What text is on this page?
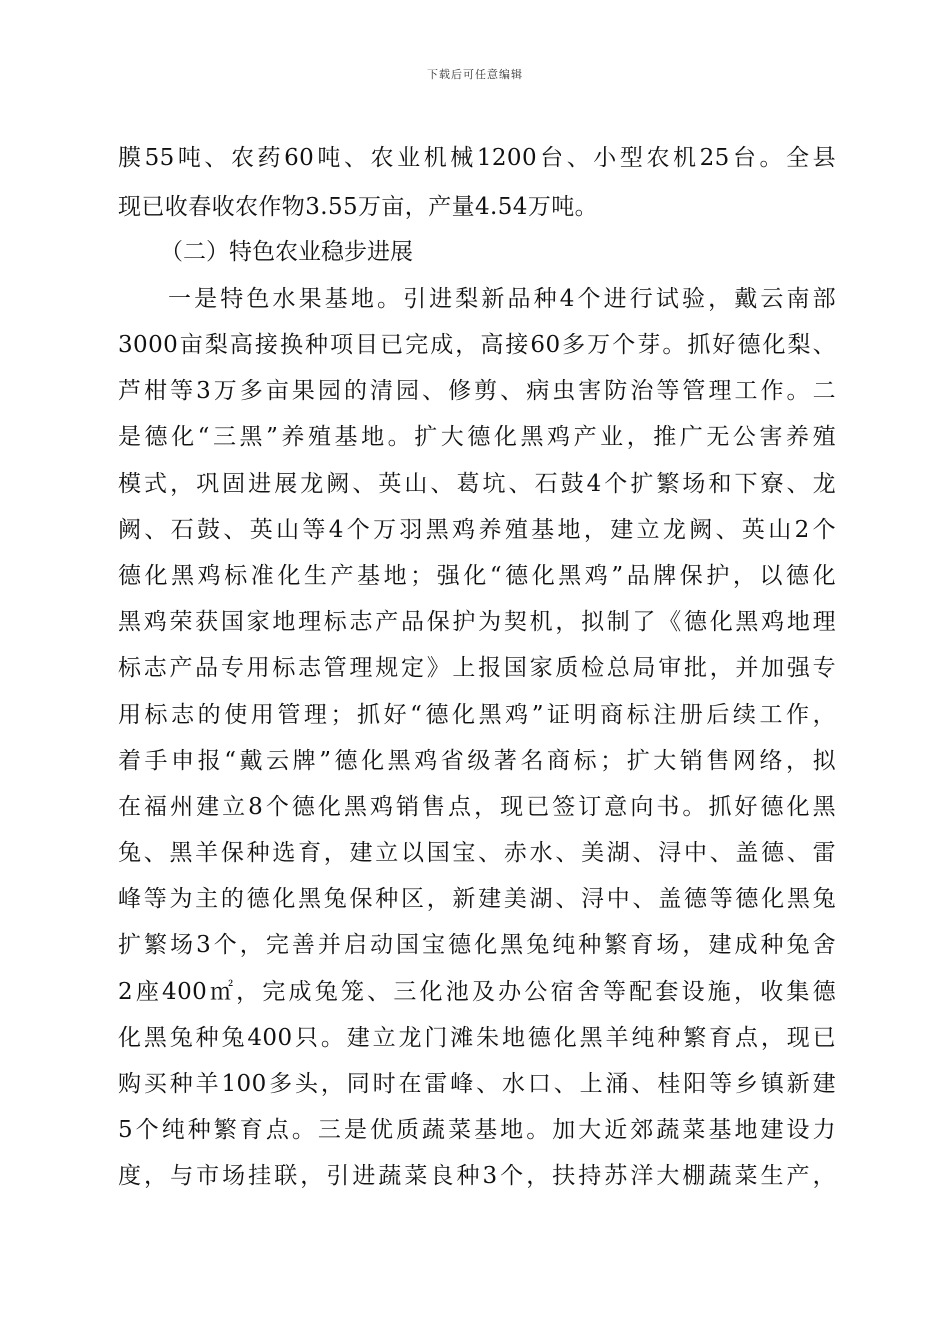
下载后可任意编辑
膜55吨、农药60吨、农业机械1200台、小型农机25台。全县
现已收春收农作物3.55万亩，产量4.54万吨。
（二）特色农业稳步进展
一是特色水果基地。引进梨新品种4个进行试验，戴云南部
3000亩梨高接换种项目已完成，高接60多万个芽。抓好德化梨、
芦柑等3万多亩果园的清园、修剪、病虫害防治等管理工作。二
是德化“三黑”养殖基地。扩大德化黑鸡产业，推广无公害养殖
模式，巩固进展龙阙、英山、葛坑、石鼓4个扩繁场和下寮、龙
阙、石鼓、英山等4个万羽黑鸡养殖基地，建立龙阙、英山2个
德化黑鸡标准化生产基地；强化“德化黑鸡”品牌保护，以德化
黑鸡荣获国家地理标志产品保护为契机，拟制了《德化黑鸡地理
标志产品专用标志管理规定》上报国家质检总局审批，并加强专
用标志的使用管理；抓好“德化黑鸡”证明商标注册后续工作，
着手申报“戴云牌”德化黑鸡省级著名商标；扩大销售网络，拟
在福州建立8个德化黑鸡销售点，现已签订意向书。抓好德化黑
兔、黑羊保种选育，建立以国宝、赤水、美湖、浔中、盖德、雷
峰等为主的德化黑兔保种区，新建美湖、浔中、盖德等德化黑兔
扩繁场3个，完善并启动国宝德化黑兔纯种繁育场，建成种兔舍
2座400㎡，完成兔笼、三化池及办公宿舍等配套设施，收集德
化黑兔种兔400只。建立龙门滩朱地德化黑羊纯种繁育点，现已
购买种羊100多头，同时在雷峰、水口、上涌、桂阳等乡镇新建
5个纯种繁育点。三是优质蔬菜基地。加大近郊蔬菜基地建设力
度，与市场挂联，引进蔬菜良种3个，扶持苏洋大棚蔬菜生产，
